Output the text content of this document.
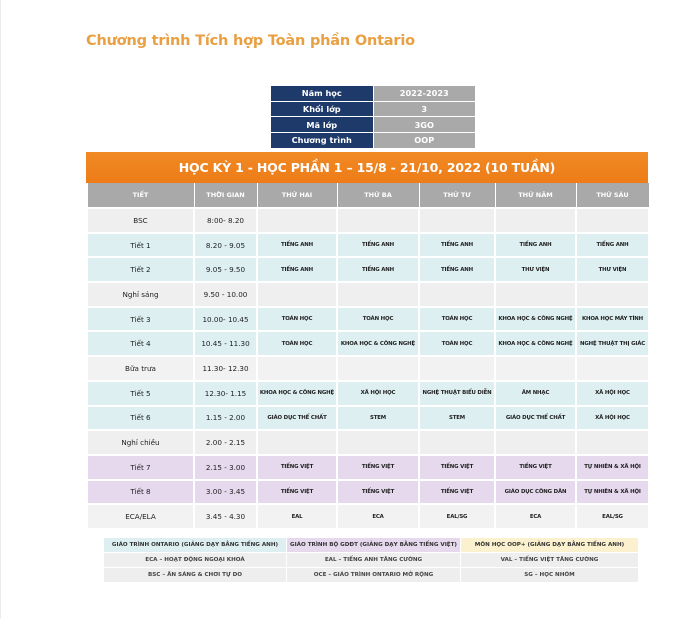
Chương trình Tích hợp Toàn phần Ontario
Năm học	2022-2023
Khối lớp	3
Mã lớp	3GO
Chương trình	OOP
HỌC KỲ 1 - HỌC PHẦN 1 – 15/8 - 21/10, 2022 (10 TUẦN)
TIẾT	THỜI GIAN	THỨ HAI	THỨ BA	THỨ TƯ	THỨ NĂM	THỨ SÁU
BSC	8:00- 8.20					
Tiết 1	8.20 - 9.05	TIẾNG ANH	TIẾNG ANH	TIẾNG ANH	TIẾNG ANH	TIẾNG ANH
Tiết 2	9.05 - 9.50	TIẾNG ANH	TIẾNG ANH	TIẾNG ANH	THƯ VIỆN	THƯ VIỆN
Nghỉ sáng	9.50 - 10.00					
Tiết 3	10.00- 10.45	TOÁN HỌC	TOÁN HỌC	TOÁN HỌC	KHOA HỌC & CÔNG NGHỆ	KHOA HỌC MÁY TÍNH
Tiết 4	10.45 - 11.30	TOÁN HỌC	KHOA HỌC & CÔNG NGHỆ	TOÁN HỌC	KHOA HỌC & CÔNG NGHỆ	NGHỆ THUẬT THỊ GIÁC
Bữa trưa	11.30- 12.30					
Tiết 5	12.30- 1.15	KHOA HỌC & CÔNG NGHỆ	XÃ HỘI HỌC	NGHỆ THUẬT BIỂU DIỄN	ÂM NHẠC	XÃ HỘI HỌC
Tiết 6	1.15 - 2.00	GIÁO DỤC THỂ CHẤT	STEM	STEM	GIÁO DỤC THỂ CHẤT	XÃ HỘI HỌC
Nghỉ chiều	2.00 - 2.15					
Tiết 7	2.15 - 3.00	TIẾNG VIỆT	TIẾNG VIỆT	TIẾNG VIỆT	TIẾNG VIỆT	TỰ NHIÊN & XÃ HỘI
Tiết 8	3.00 - 3.45	TIẾNG VIỆT	TIẾNG VIỆT	TIẾNG VIỆT	GIÁO DỤC CÔNG DÂN	TỰ NHIÊN & XÃ HỘI
ECA/ELA	3.45 - 4.30	EAL	ECA	EAL/SG	ECA	EAL/SG
GIÁO TRÌNH ONTARIO (GIẢNG DẠY BẰNG TIẾNG ANH)	GIÁO TRÌNH BỘ GDĐT (GIẢNG DẠY BẰNG TIẾNG VIỆT)	MÔN HỌC OOP+ (GIẢNG DẠY BẰNG TIẾNG ANH)
ECA – HOẠT ĐỘNG NGOẠI KHOÁ	EAL – TIẾNG ANH TĂNG CƯỜNG	VAL – TIẾNG VIỆT TĂNG CƯỜNG
BSC – ĂN SÁNG & CHƠI TỰ DO	OCE – GIÁO TRÌNH ONTARIO MỞ RỘNG	SG – HỌC NHÓM
